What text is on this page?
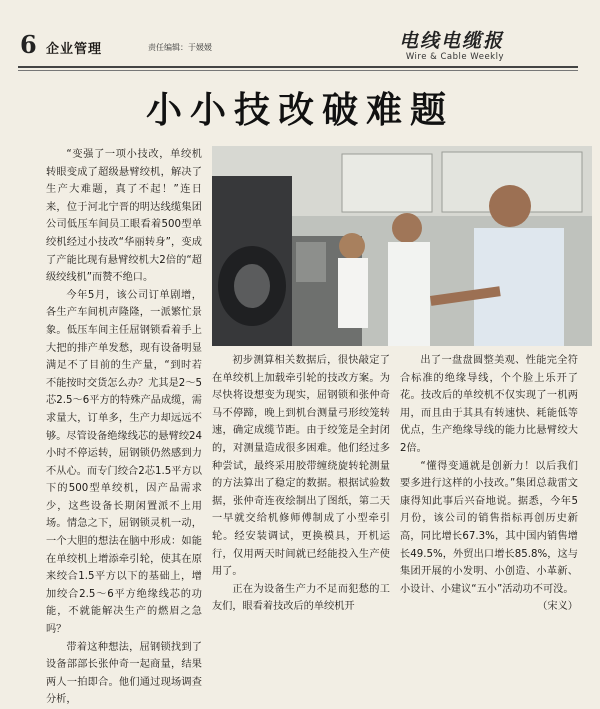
6 企业管理	责任编辑：于媛媛	电线电缆报
Wire & Cable Weekly
小小技改破难题

“变强了一项小技改，单绞机转眼变成了超级悬臂绞机，解决了生产大难题，真了不起！”连日来，位于河北宁晋的明达线缆集团公司低压车间员工眼看着500型单绞机经过小技改“华丽转身”，变成了产能比现有悬臂绞机大2倍的“超级绞线机”而赞不绝口。

今年5月，该公司订单剧增，各生产车间机声隆隆，一派繁忙景象。低压车间主任屈钢锁看着手上大把的排产单发愁，现有设备明显满足不了目前的生产量，“到时若不能按时交货怎么办？尤其是2～5芯2.5～6平方的特殊产品成缆，需求量大，订单多，生产力却远远不够。尽管设备绝缘线芯的悬臂绞24小时不停运转，屈钢锁仍然感到力不从心。而专门绞合2芯1.5平方以下的500型单绞机，因产品需求少，这些设备长期闲置派不上用场。情急之下，屈钢锁灵机一动，一个大胆的想法在脑中形成：如能在单绞机上增添牵引轮，使其在原来绞合1.5平方以下的基础上，增加绞合2.5～6平方绝缘线芯的功能，不就能解决生产的燃眉之急吗？

带着这种想法，屈钢锁找到了设备部部长张仲奇一起商量，结果两人一拍即合。他们通过现场调查分析，

初步测算相关数据后，很快敲定了在单绞机上加载牵引轮的技改方案。为尽快将设想变为现实，屈钢锁和张仲奇马不停蹄，晚上到机台测量弓形绞笼转速，确定成缆节距。由于绞笼是全封闭的，对测量造成很多困难。他们经过多种尝试，最终采用胶带缠绕旋转轮测量的方法算出了稳定的数据。根据试验数据，张仲奇连夜绘制出了图纸，第二天一早就交给机修师傅制成了小型牵引轮。经安装调试，更换模具，开机运行，仅用两天时间就已经能投入生产使用了。

正在为设备生产力不足而犯愁的工友们，眼看着技改后的单绞机开

出了一盘盘圆整美观、性能完全符合标准的绝缘导线，个个脸上乐开了花。技改后的单绞机不仅实现了一机两用，而且由于其具有转速快、耗能低等优点，生产绝缘导线的能力比悬臂绞大2倍。

“懂得变通就是创新力！以后我们要多进行这样的小技改。”集团总裁雷文康得知此事后兴奋地说。据悉，今年5月份，该公司的销售指标再创历史新高，同比增长67.3%，其中国内销售增长49.5%，外贸出口增长85.8%，这与集团开展的小发明、小创造、小革新、小设计、小建议“五小”活动功不可没。

（宋义）
